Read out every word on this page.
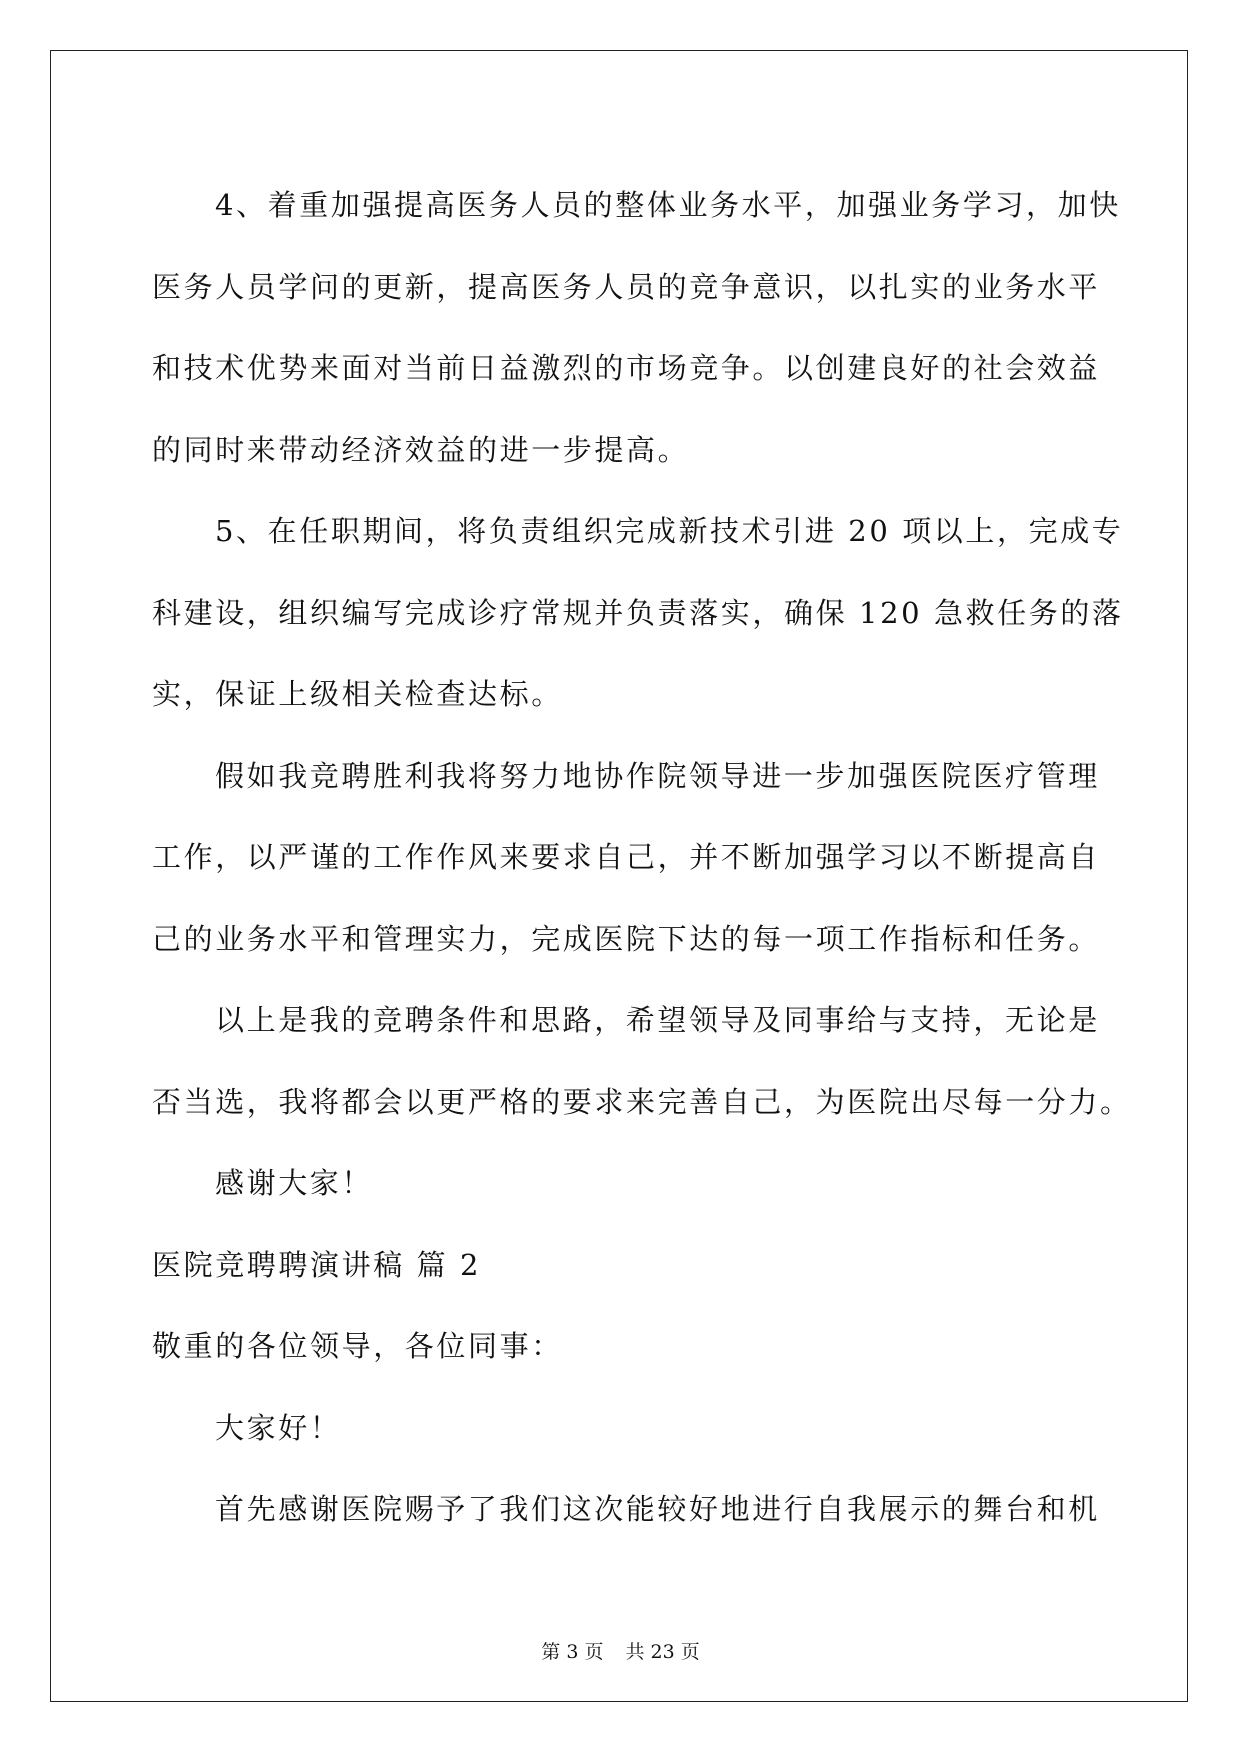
4、着重加强提高医务人员的整体业务水平，加强业务学习，加快
医务人员学问的更新，提高医务人员的竞争意识，以扎实的业务水平
和技术优势来面对当前日益激烈的市场竞争。以创建良好的社会效益
的同时来带动经济效益的进一步提高。

5、在任职期间，将负责组织完成新技术引进 20 项以上，完成专
科建设，组织编写完成诊疗常规并负责落实，确保 120 急救任务的落
实，保证上级相关检查达标。

假如我竞聘胜利我将努力地协作院领导进一步加强医院医疗管理
工作，以严谨的工作作风来要求自己，并不断加强学习以不断提高自
己的业务水平和管理实力，完成医院下达的每一项工作指标和任务。

以上是我的竞聘条件和思路，希望领导及同事给与支持，无论是
否当选，我将都会以更严格的要求来完善自己，为医院出尽每一分力。

感谢大家！

医院竞聘聘演讲稿 篇 2

敬重的各位领导，各位同事：

大家好！

首先感谢医院赐予了我们这次能较好地进行自我展示的舞台和机

第 3 页 共 23 页
